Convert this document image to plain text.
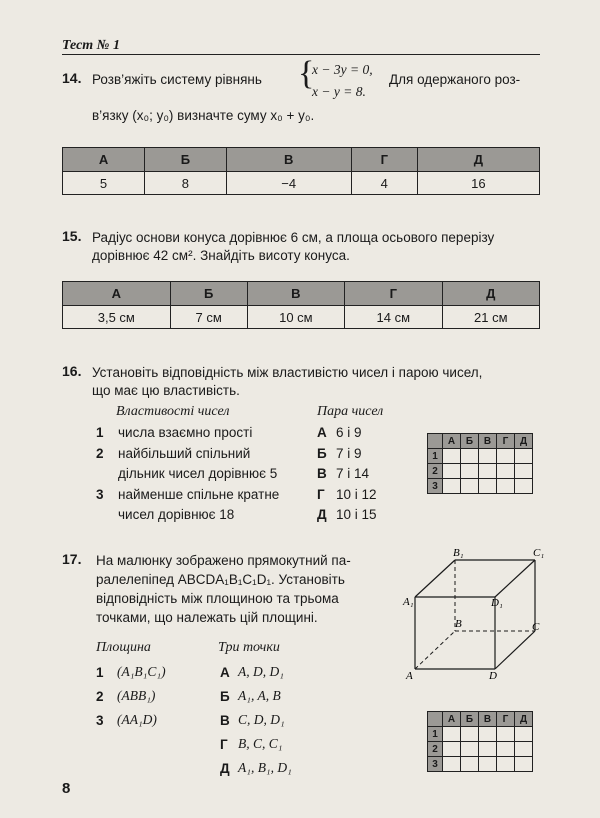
Тест № 1
14. Розв’яжіть систему рівнянь {
x − 3y = 0,
x − y = 8.
Для одержаного роз-
в’язку (x₀; y₀) визначте суму x₀ + y₀.
А	Б	В	Г	Д
5	8	−4	4	16
15. Радіус основи конуса дорівнює 6 см, а площа осьового перерізу
дорівнює 42 см². Знайдіть висоту конуса.
А	Б	В	Г	Д
3,5 см	7 см	10 см	14 см	21 см
16. Установіть відповідність між властивістю чисел і парою чисел,
що має цю властивість.
Властивості чисел	Пара чисел
1 числа взаємно прості
2 найбільший спільний
дільник чисел дорівнює 5
3 найменше спільне кратне
чисел дорівнює 18
А 6 і 9
Б 7 і 9
В 7 і 14
Г 10 і 12
Д 10 і 15
	А	Б	В	Г	Д
1					
2					
3					
17. На малюнку зображено прямокутний па-
ралелепіпед ABCDA₁B₁C₁D₁. Установіть
відповідність між площиною та трьома
точками, що належать цій площині.
Площина	Три точки
1 (A₁B₁C₁)
2 (ABB₁)
3 (AA₁D)
А A, D, D₁
Б A₁, A, B
В C, D, D₁
Г B, C, C₁
Д A₁, B₁, D₁
B₁	C₁
A₁	D₁
B	C
A	D
	А	Б	В	Г	Д
1					
2					
3					
8
